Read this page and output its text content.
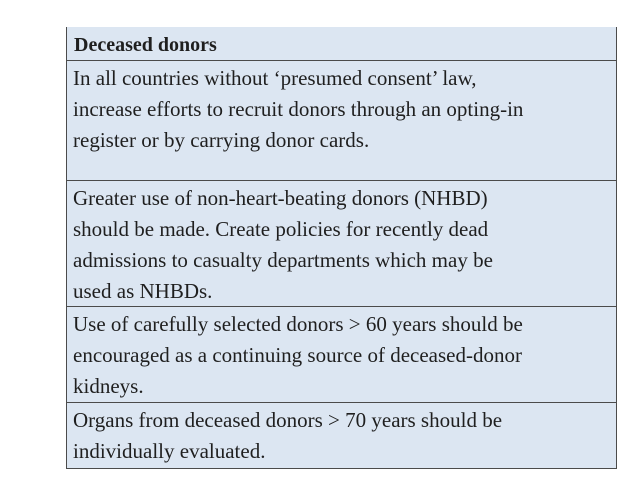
Deceased donors
In all countries without ‘presumed consent’ law,
increase efforts to recruit donors through an opting-in
register or by carrying donor cards.
Greater use of non-heart-beating donors (NHBD)
should be made. Create policies for recently dead
admissions to casualty departments which may be
used as NHBDs.
Use of carefully selected donors > 60 years should be
encouraged as a continuing source of deceased-donor
kidneys.
Organs from deceased donors > 70 years should be
individually evaluated.
